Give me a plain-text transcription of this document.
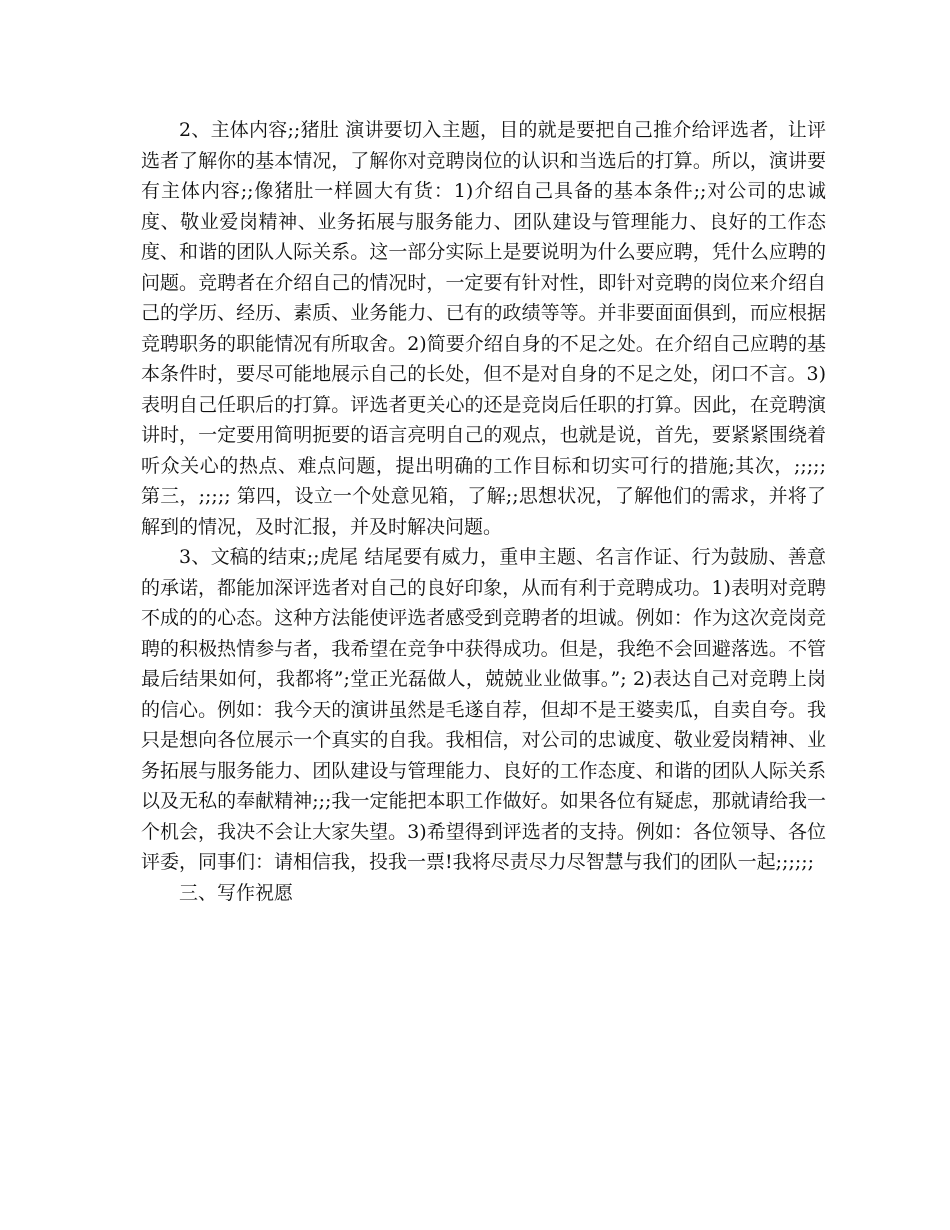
2、主体内容;;猪肚 演讲要切入主题，目的就是要把自己推介给评选者，让评选者了解你的基本情况，了解你对竞聘岗位的认识和当选后的打算。所以，演讲要有主体内容;;像猪肚一样圆大有货：1)介绍自己具备的基本条件;;对公司的忠诚度、敬业爱岗精神、业务拓展与服务能力、团队建设与管理能力、良好的工作态度、和谐的团队人际关系。这一部分实际上是要说明为什么要应聘，凭什么应聘的问题。竞聘者在介绍自己的情况时，一定要有针对性，即针对竞聘的岗位来介绍自己的学历、经历、素质、业务能力、已有的政绩等等。并非要面面俱到，而应根据竞聘职务的职能情况有所取舍。2)简要介绍自身的不足之处。在介绍自己应聘的基本条件时，要尽可能地展示自己的长处，但不是对自身的不足之处，闭口不言。3)表明自己任职后的打算。评选者更关心的还是竞岗后任职的打算。因此，在竞聘演讲时，一定要用简明扼要的语言亮明自己的观点，也就是说，首先，要紧紧围绕着听众关心的热点、难点问题，提出明确的工作目标和切实可行的措施;其次，;;;;; 第三，;;;;; 第四，设立一个处意见箱，了解;;思想状况，了解他们的需求，并将了解到的情况，及时汇报，并及时解决问题。

3、文稿的结束;;虎尾 结尾要有威力，重申主题、名言作证、行为鼓励、善意的承诺，都能加深评选者对自己的良好印象，从而有利于竞聘成功。1)表明对竞聘不成的的心态。这种方法能使评选者感受到竞聘者的坦诚。例如：作为这次竞岗竞聘的积极热情参与者，我希望在竞争中获得成功。但是，我绝不会回避落选。不管最后结果如何，我都将”;堂正光磊做人，兢兢业业做事。”; 2)表达自己对竞聘上岗的信心。例如：我今天的演讲虽然是毛遂自荐，但却不是王婆卖瓜，自卖自夸。我只是想向各位展示一个真实的自我。我相信，对公司的忠诚度、敬业爱岗精神、业务拓展与服务能力、团队建设与管理能力、良好的工作态度、和谐的团队人际关系以及无私的奉献精神;;;我一定能把本职工作做好。如果各位有疑虑，那就请给我一个机会，我决不会让大家失望。3)希望得到评选者的支持。例如：各位领导、各位评委，同事们：请相信我，投我一票!我将尽责尽力尽智慧与我们的团队一起;;;;;;

三、写作祝愿
